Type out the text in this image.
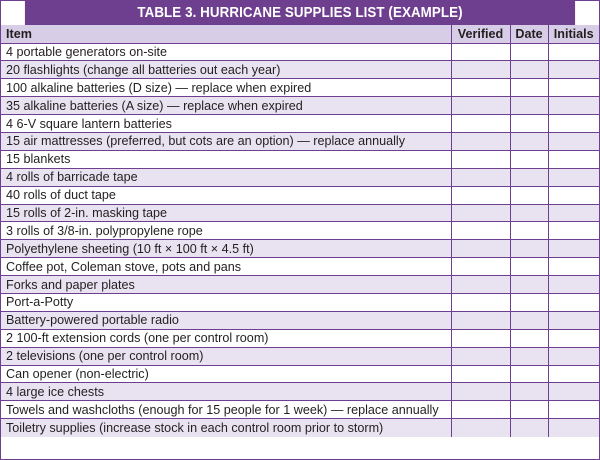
TABLE 3. HURRICANE SUPPLIES LIST (EXAMPLE)
Item	Verified	Date	Initials
4 portable generators on-site			
20 flashlights (change all batteries out each year)			
100 alkaline batteries (D size) — replace when expired			
35 alkaline batteries (A size) — replace when expired			
4 6-V square lantern batteries			
15 air mattresses (preferred, but cots are an option) — replace annually			
15 blankets			
4 rolls of barricade tape			
40 rolls of duct tape			
15 rolls of 2-in. masking tape			
3 rolls of 3/8-in. polypropylene rope			
Polyethylene sheeting (10 ft × 100 ft × 4.5 ft)			
Coffee pot, Coleman stove, pots and pans			
Forks and paper plates			
Port-a-Potty			
Battery-powered portable radio			
2 100-ft extension cords (one per control room)			
2 televisions (one per control room)			
Can opener (non-electric)			
4 large ice chests			
Towels and washcloths (enough for 15 people for 1 week) — replace annually			
Toiletry supplies (increase stock in each control room prior to storm)			
